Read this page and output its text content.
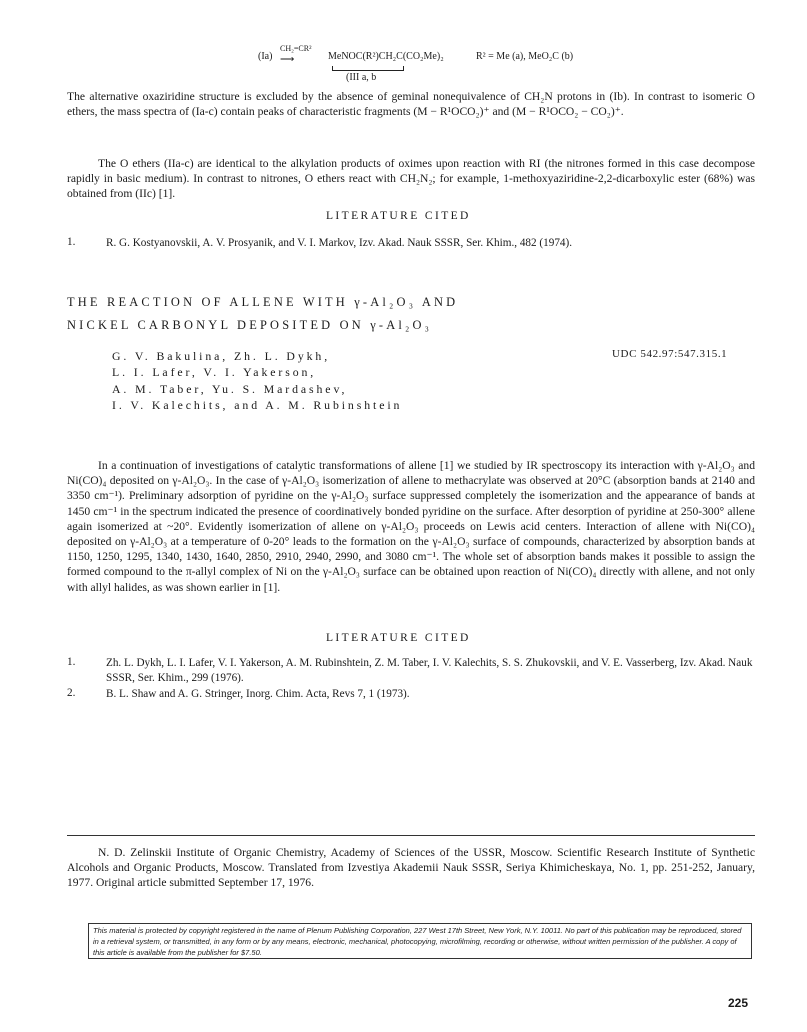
(Ia)
CH₂=CR²
⟶	MeNOC(R²)CH₂C(CO₂Me)₂	R² = Me (a), MeO₂C (b)
(III a, b

The alternative oxaziridine structure is excluded by the absence of geminal nonequivalence of CH₂N protons in (Ib). In contrast to isomeric O ethers, the mass spectra of (Ia-c) contain peaks of characteristic fragments (M − R¹OCO₂)⁺ and (M − R¹OCO₂ − CO₂)⁺.

The O ethers (IIa-c) are identical to the alkylation products of oximes upon reaction with RI (the nitrones formed in this case decompose rapidly in basic medium). In contrast to nitrones, O ethers react with CH₂N₂; for example, 1-methoxyaziridine-2,2-dicarboxylic ester (68%) was obtained from (IIc) [1].

LITERATURE CITED
1.	R. G. Kostyanovskii, A. V. Prosyanik, and V. I. Markov, Izv. Akad. Nauk SSSR, Ser. Khim., 482 (1974).
THE REACTION OF ALLENE WITH γ-Al₂O₃ AND
NICKEL CARBONYL DEPOSITED ON γ-Al₂O₃
G. V. Bakulina, Zh. L. Dykh,
L. I. Lafer, V. I. Yakerson,
A. M. Taber, Yu. S. Mardashev,
I. V. Kalechits, and A. M. Rubinshtein
UDC 542.97:547.315.1

In a continuation of investigations of catalytic transformations of allene [1] we studied by IR spectroscopy its interaction with γ-Al₂O₃ and Ni(CO)₄ deposited on γ-Al₂O₃. In the case of γ-Al₂O₃ isomerization of allene to methacrylate was observed at 20°C (absorption bands at 2140 and 3350 cm⁻¹). Preliminary adsorption of pyridine on the γ-Al₂O₃ surface suppressed completely the isomerization and the appearance of bands at 1450 cm⁻¹ in the spectrum indicated the presence of coordinatively bonded pyridine on the surface. After desorption of pyridine at 250-300° allene again isomerized at ~20°. Evidently isomerization of allene on γ-Al₂O₃ proceeds on Lewis acid centers. Interaction of allene with Ni(CO)₄ deposited on γ-Al₂O₃ at a temperature of 0-20° leads to the formation on the γ-Al₂O₃ surface of compounds, characterized by absorption bands at 1150, 1250, 1295, 1340, 1430, 1640, 2850, 2910, 2940, 2990, and 3080 cm⁻¹. The whole set of absorption bands makes it possible to assign the formed compound to the π-allyl complex of Ni on the γ-Al₂O₃ surface can be obtained upon reaction of Ni(CO)₄ directly with allene, and not only with allyl halides, as was shown earlier in [1].

LITERATURE CITED
1.	Zh. L. Dykh, L. I. Lafer, V. I. Yakerson, A. M. Rubinshtein, Z. M. Taber, I. V. Kalechits, S. S. Zhukovskii, and V. E. Vasserberg, Izv. Akad. Nauk SSSR, Ser. Khim., 299 (1976).
2.	B. L. Shaw and A. G. Stringer, Inorg. Chim. Acta, Revs 7, 1 (1973).

N. D. Zelinskii Institute of Organic Chemistry, Academy of Sciences of the USSR, Moscow. Scientific Research Institute of Synthetic Alcohols and Organic Products, Moscow. Translated from Izvestiya Akademii Nauk SSSR, Seriya Khimicheskaya, No. 1, pp. 251-252, January, 1977. Original article submitted September 17, 1976.

This material is protected by copyright registered in the name of Plenum Publishing Corporation, 227 West 17th Street, New York, N.Y. 10011. No part of this publication may be reproduced, stored in a retrieval system, or transmitted, in any form or by any means, electronic, mechanical, photocopying, microfilming, recording or otherwise, without written permission of the publisher. A copy of this article is available from the publisher for $7.50.
225
